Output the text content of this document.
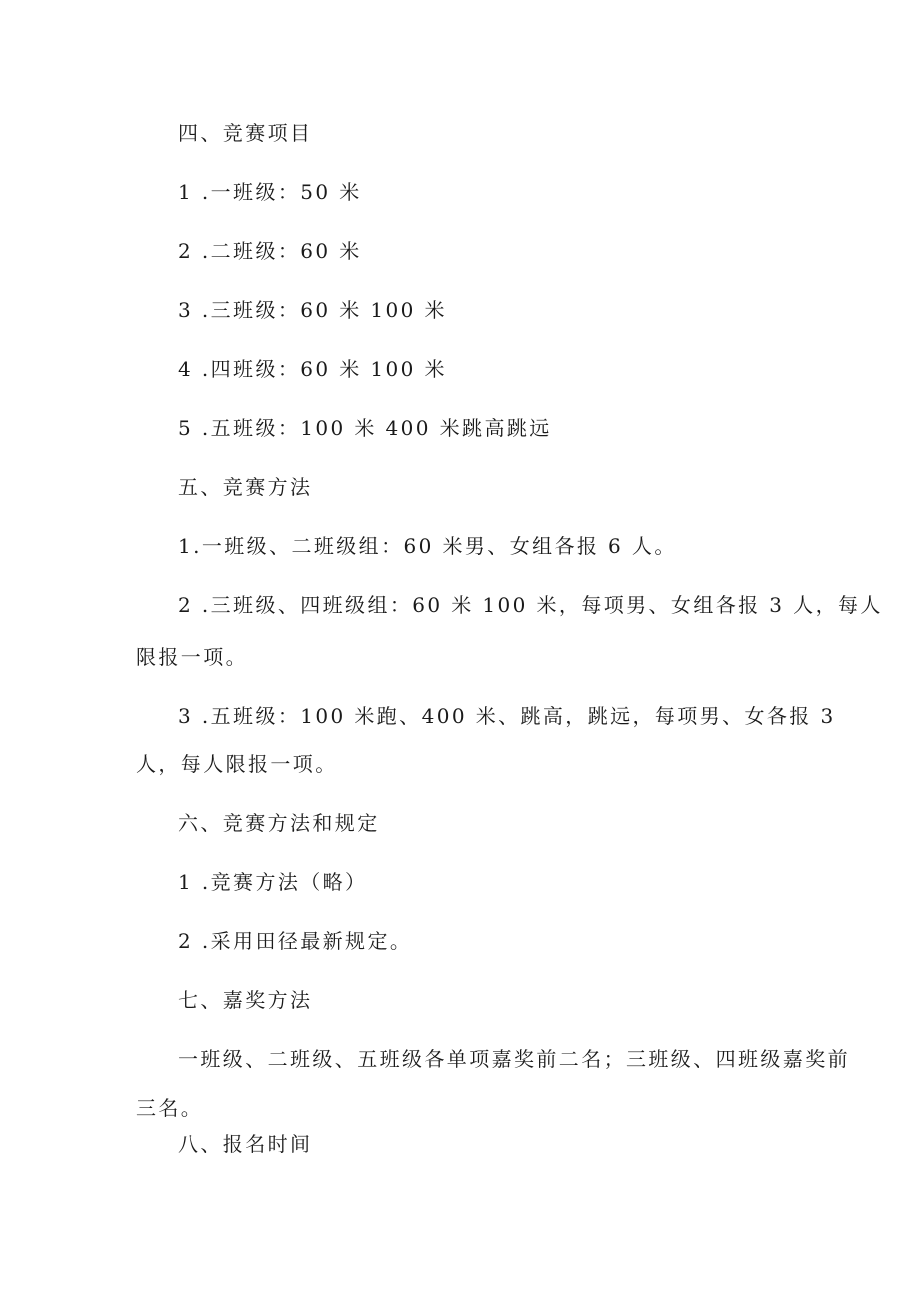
四、竞赛项目

1 .一班级：50 米

2 .二班级：60 米

3 .三班级：60 米 100 米

4 .四班级：60 米 100 米

5 .五班级：100 米 400 米跳高跳远

五、竞赛方法

1.一班级、二班级组：60 米男、女组各报 6 人。

2 .三班级、四班级组：60 米 100 米，每项男、女组各报 3 人，每人

限报一项。

3 .五班级：100 米跑、400 米、跳高，跳远，每项男、女各报 3

人，每人限报一项。

六、竞赛方法和规定

1 .竞赛方法（略）

2 .采用田径最新规定。

七、嘉奖方法

一班级、二班级、五班级各单项嘉奖前二名；三班级、四班级嘉奖前

三名。

八、报名时间
